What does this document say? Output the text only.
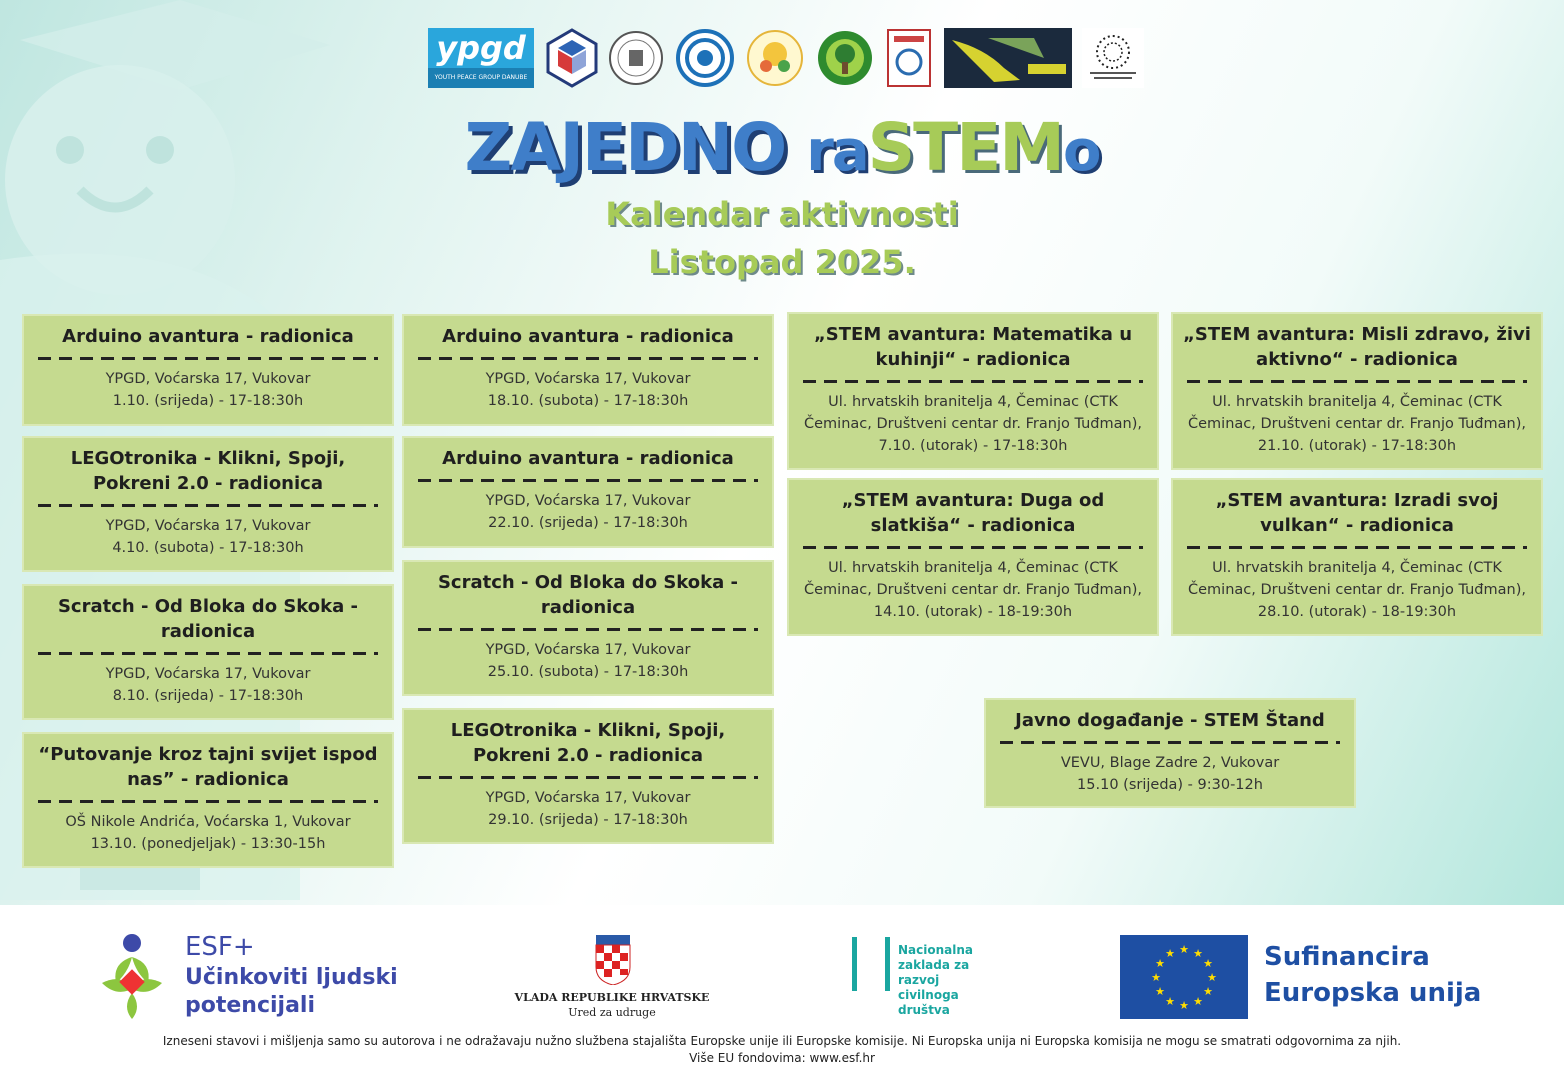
ypgd
YOUTH PEACE GROUP DANUBE
ZAJEDNO raSTEMo
Kalendar aktivnosti
Listopad 2025.
Arduino avantura - radionica
YPGD, Voćarska 17, Vukovar
1.10. (srijeda) - 17-18:30h
LEGOtronika - Klikni, Spoji, Pokreni 2.0 - radionica
YPGD, Voćarska 17, Vukovar
4.10. (subota) - 17-18:30h
Scratch - Od Bloka do Skoka - radionica
YPGD, Voćarska 17, Vukovar
8.10. (srijeda) - 17-18:30h
“Putovanje kroz tajni svijet ispod nas” - radionica
OŠ Nikole Andrića, Voćarska 1, Vukovar
13.10. (ponedjeljak) - 13:30-15h
Arduino avantura - radionica
YPGD, Voćarska 17, Vukovar
18.10. (subota) - 17-18:30h
Arduino avantura - radionica
YPGD, Voćarska 17, Vukovar
22.10. (srijeda) - 17-18:30h
Scratch - Od Bloka do Skoka - radionica
YPGD, Voćarska 17, Vukovar
25.10. (subota) - 17-18:30h
LEGOtronika - Klikni, Spoji, Pokreni 2.0 - radionica
YPGD, Voćarska 17, Vukovar
29.10. (srijeda) - 17-18:30h
„STEM avantura: Matematika u kuhinji“ - radionica
Ul. hrvatskih branitelja 4, Čeminac (CTK Čeminac, Društveni centar dr. Franjo Tuđman),
7.10. (utorak) - 17-18:30h
„STEM avantura: Duga od slatkiša“ - radionica
Ul. hrvatskih branitelja 4, Čeminac (CTK Čeminac, Društveni centar dr. Franjo Tuđman),
14.10. (utorak) - 18-19:30h
„STEM avantura: Misli zdravo, živi aktivno“ - radionica
Ul. hrvatskih branitelja 4, Čeminac (CTK Čeminac, Društveni centar dr. Franjo Tuđman),
21.10. (utorak) - 17-18:30h
„STEM avantura: Izradi svoj vulkan“ - radionica
Ul. hrvatskih branitelja 4, Čeminac (CTK Čeminac, Društveni centar dr. Franjo Tuđman),
28.10. (utorak) - 18-19:30h
Javno događanje - STEM Štand
VEVU, Blage Zadre 2, Vukovar
15.10 (srijeda) - 9:30-12h
ESF+
Učinkoviti ljudski
potencijali	VLADA REPUBLIKE HRVATSKE
Ured za udruge
Nacionalna
zaklada za
razvoj
civilnoga
društva
★ ★
★
★
★
★
★
★
★
★
★
★	Sufinancira
Europska unija
Izneseni stavovi i mišljenja samo su autorova i ne odražavaju nužno službena stajališta Europske unije ili Europske komisije. Ni Europska unija ni Europska komisija ne mogu se smatrati odgovornima za njih.
Više EU fondovima: www.esf.hr
